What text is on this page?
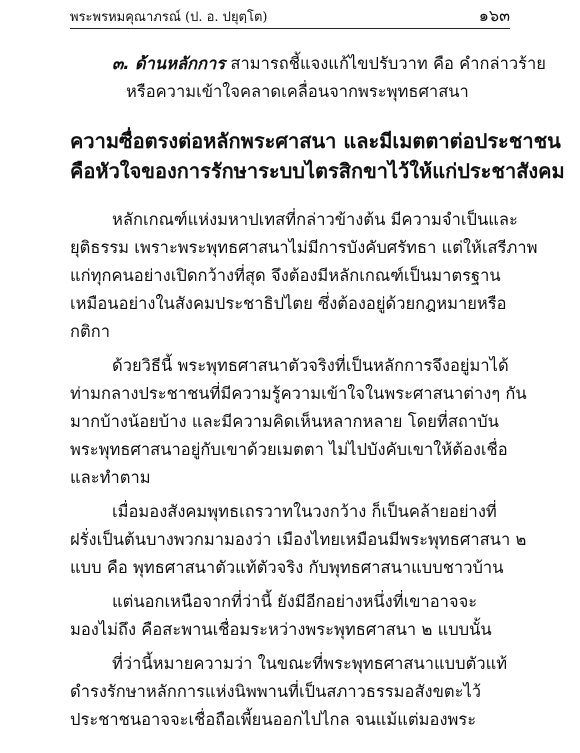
พระพรหมคุณาภรณ์ (ป. อ. ปยุตฺโต)	๑๖๓
๓. ด้านหลักการ สามารถชี้แจงแก้ไขปรับวาท คือ คำกล่าวร้าย
หรือความเข้าใจคลาดเคลื่อนจากพระพุทธศาสนา
ความซื่อตรงต่อหลักพระศาสนา และมีเมตตาต่อประชาชน
คือหัวใจของการรักษาระบบไตรสิกขาไว้ให้แก่ประชาสังคม
หลักเกณฑ์แห่งมหาปเทสที่กล่าวข้างต้น มีความจำเป็นและ
ยุติธรรม เพราะพระพุทธศาสนาไม่มีการบังคับศรัทธา แต่ให้เสรีภาพ
แก่ทุกคนอย่างเปิดกว้างที่สุด จึงต้องมีหลักเกณฑ์เป็นมาตรฐาน
เหมือนอย่างในสังคมประชาธิปไตย ซึ่งต้องอยู่ด้วยกฎหมายหรือ
กติกา
ด้วยวิธีนี้ พระพุทธศาสนาตัวจริงที่เป็นหลักการจึงอยู่มาได้
ท่ามกลางประชาชนที่มีความรู้ความเข้าใจในพระศาสนาต่างๆ กัน
มากบ้างน้อยบ้าง และมีความคิดเห็นหลากหลาย โดยที่สถาบัน
พระพุทธศาสนาอยู่กับเขาด้วยเมตตา ไม่ไปบังคับเขาให้ต้องเชื่อ
และทำตาม
เมื่อมองสังคมพุทธเถรวาทในวงกว้าง ก็เป็นคล้ายอย่างที่
ฝรั่งเป็นต้นบางพวกมามองว่า เมืองไทยเหมือนมีพระพุทธศาสนา ๒
แบบ คือ พุทธศาสนาตัวแท้ตัวจริง กับพุทธศาสนาแบบชาวบ้าน
แต่นอกเหนือจากที่ว่านี้ ยังมีอีกอย่างหนึ่งที่เขาอาจจะ
มองไม่ถึง คือสะพานเชื่อมระหว่างพระพุทธศาสนา ๒ แบบนั้น
ที่ว่านี้หมายความว่า ในขณะที่พระพุทธศาสนาแบบตัวแท้
ดำรงรักษาหลักการแห่งนิพพานที่เป็นสภาวธรรมอสังขตะไว้
ประชาชนอาจจะเชื่อถือเพี้ยนออกไปไกล จนแม้แต่มองพระ
